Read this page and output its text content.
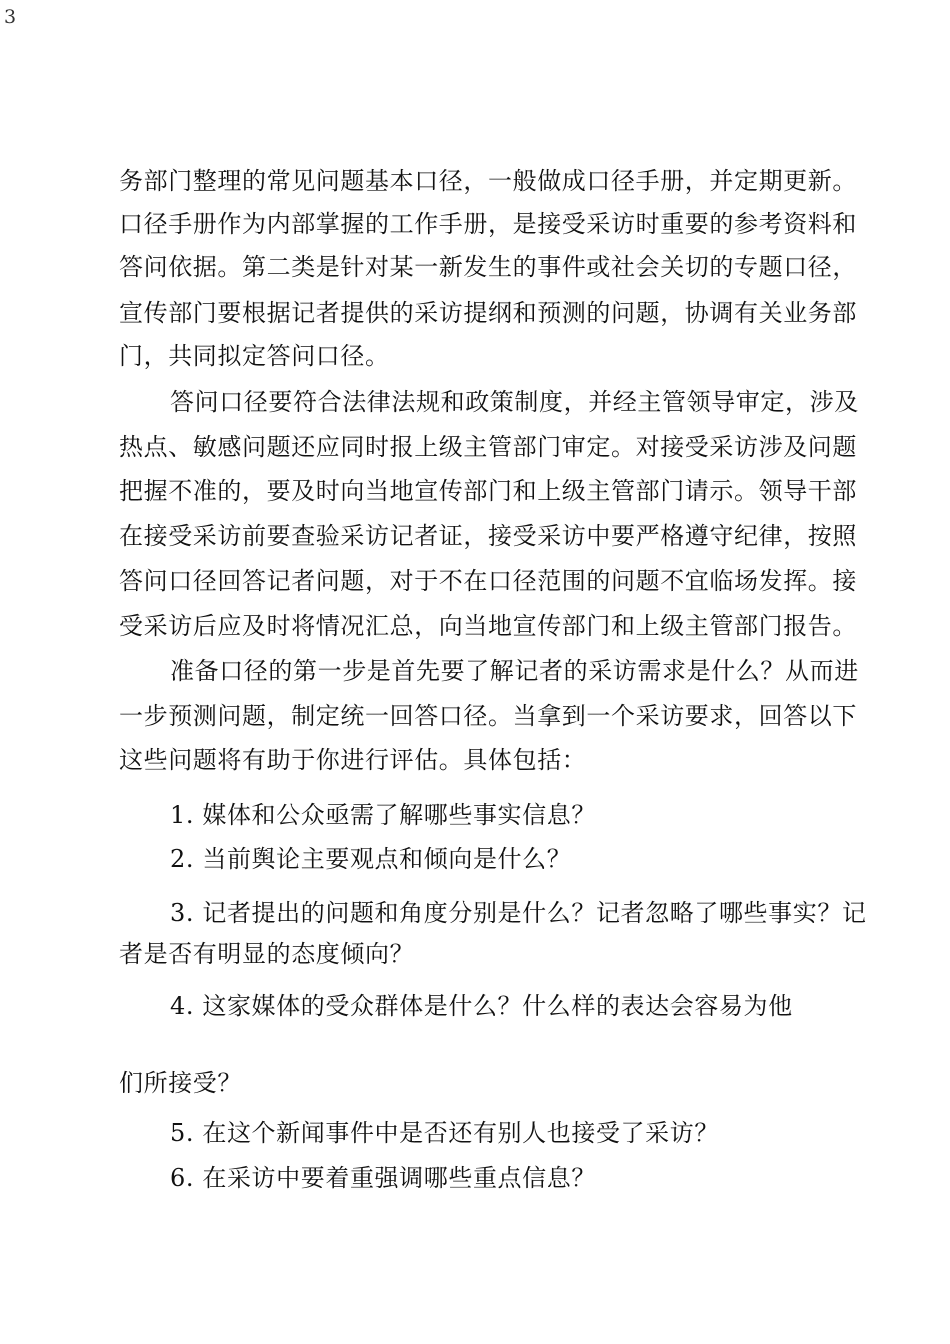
3
务部门整理的常见问题基本口径，一般做成口径手册，并定期更新。
口径手册作为内部掌握的工作手册，是接受采访时重要的参考资料和
答问依据。第二类是针对某一新发生的事件或社会关切的专题口径，
宣传部门要根据记者提供的采访提纲和预测的问题，协调有关业务部
门，共同拟定答问口径。
答问口径要符合法律法规和政策制度，并经主管领导审定，涉及
热点、敏感问题还应同时报上级主管部门审定。对接受采访涉及问题
把握不准的，要及时向当地宣传部门和上级主管部门请示。领导干部
在接受采访前要查验采访记者证，接受采访中要严格遵守纪律，按照
答问口径回答记者问题，对于不在口径范围的问题不宜临场发挥。接
受采访后应及时将情况汇总，向当地宣传部门和上级主管部门报告。
准备口径的第一步是首先要了解记者的采访需求是什么？从而进
一步预测问题，制定统一回答口径。当拿到一个采访要求，回答以下
这些问题将有助于你进行评估。具体包括：
1. 媒体和公众亟需了解哪些事实信息？
2. 当前舆论主要观点和倾向是什么？
3. 记者提出的问题和角度分别是什么？记者忽略了哪些事实？记
者是否有明显的态度倾向？
4. 这家媒体的受众群体是什么？什么样的表达会容易为他
们所接受？
5. 在这个新闻事件中是否还有别人也接受了采访？
6. 在采访中要着重强调哪些重点信息？
